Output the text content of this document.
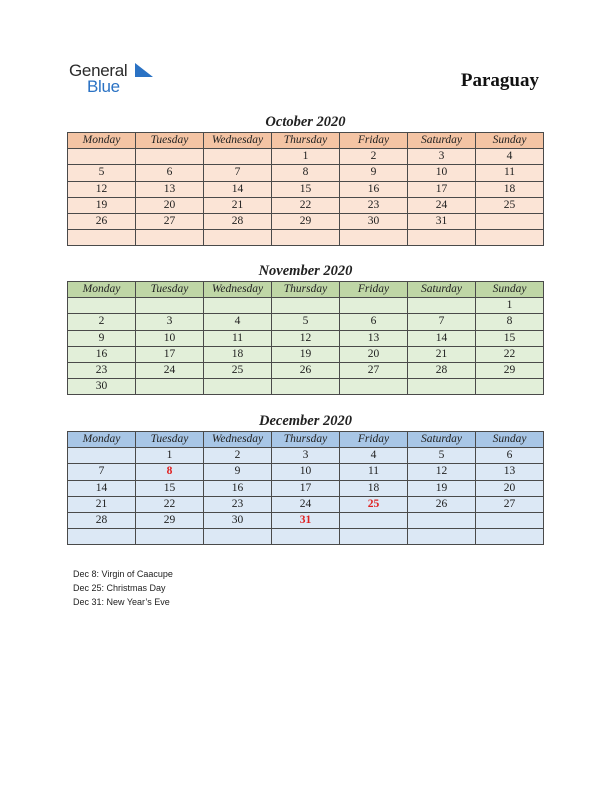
General
Blue	Paraguay
October 2020
Monday	Tuesday	Wednesday	Thursday	Friday	Saturday	Sunday
			1	2	3	4
5	6	7	8	9	10	11
12	13	14	15	16	17	18
19	20	21	22	23	24	25
26	27	28	29	30	31	

November 2020
Monday	Tuesday	Wednesday	Thursday	Friday	Saturday	Sunday
						1
2	3	4	5	6	7	8
9	10	11	12	13	14	15
16	17	18	19	20	21	22
23	24	25	26	27	28	29
30						
December 2020
Monday	Tuesday	Wednesday	Thursday	Friday	Saturday	Sunday
	1	2	3	4	5	6
7	8	9	10	11	12	13
14	15	16	17	18	19	20
21	22	23	24	25	26	27
28	29	30	31			

Dec 8: Virgin of Caacupe
Dec 25: Christmas Day
Dec 31: New Year’s Eve
